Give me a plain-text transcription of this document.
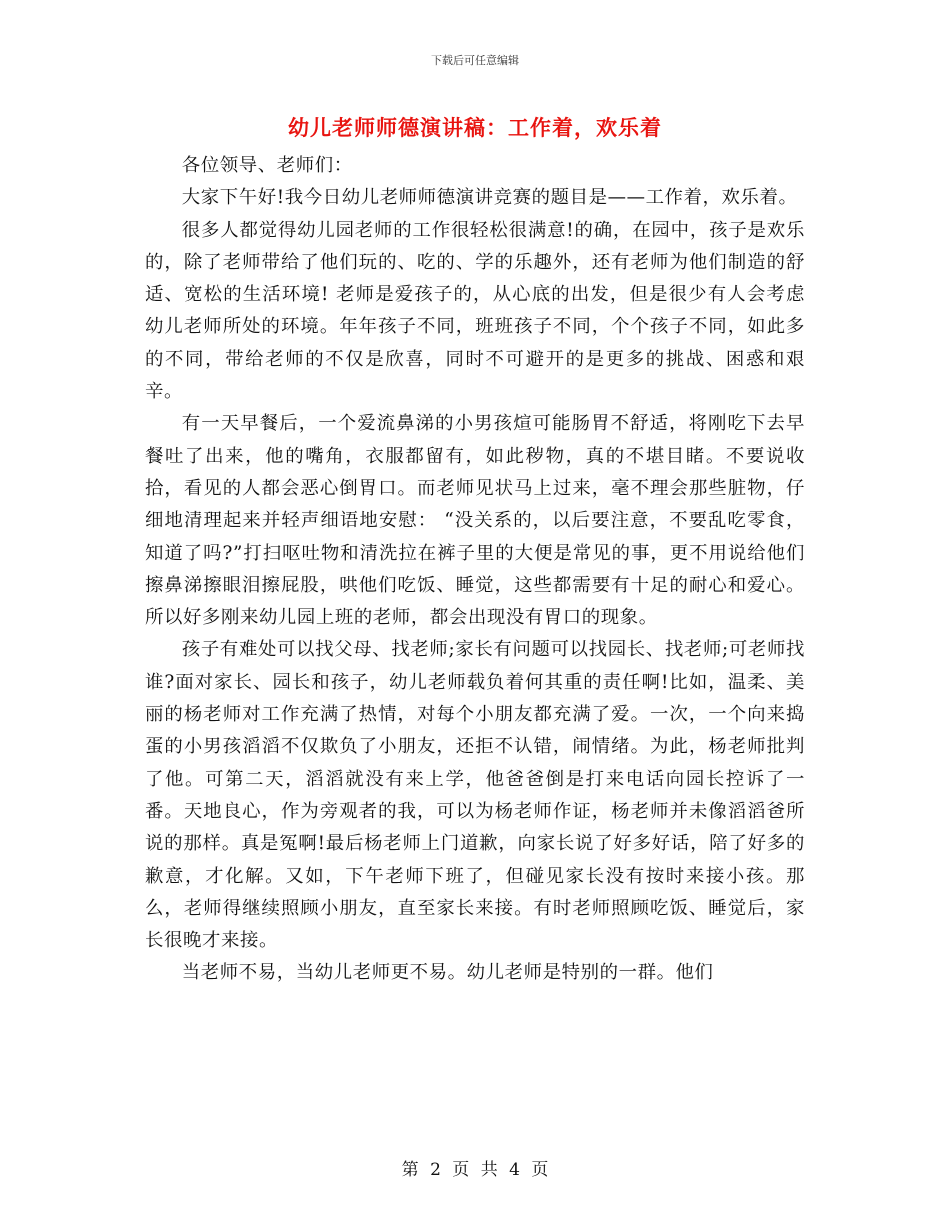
下载后可任意编辑
幼儿老师师德演讲稿：工作着，欢乐着

各位领导、老师们：

大家下午好!我今日幼儿老师师德演讲竞赛的题目是——工作着，欢乐着。

很多人都觉得幼儿园老师的工作很轻松很满意!的确，在园中，孩子是欢乐的，除了老师带给了他们玩的、吃的、学的乐趣外，还有老师为他们制造的舒适、宽松的生活环境! 老师是爱孩子的，从心底的出发，但是很少有人会考虑幼儿老师所处的环境。年年孩子不同，班班孩子不同，个个孩子不同，如此多的不同，带给老师的不仅是欣喜，同时不可避开的是更多的挑战、困惑和艰辛。

有一天早餐后，一个爱流鼻涕的小男孩煊可能肠胃不舒适，将刚吃下去早餐吐了出来，他的嘴角，衣服都留有，如此秽物，真的不堪目睹。不要说收拾，看见的人都会恶心倒胃口。而老师见状马上过来，毫不理会那些脏物，仔细地清理起来并轻声细语地安慰： “没关系的，以后要注意，不要乱吃零食，知道了吗?”打扫呕吐物和清洗拉在裤子里的大便是常见的事，更不用说给他们擦鼻涕擦眼泪擦屁股，哄他们吃饭、睡觉，这些都需要有十足的耐心和爱心。所以好多刚来幼儿园上班的老师，都会出现没有胃口的现象。

孩子有难处可以找父母、找老师;家长有问题可以找园长、找老师;可老师找谁?面对家长、园长和孩子，幼儿老师载负着何其重的责任啊!比如，温柔、美丽的杨老师对工作充满了热情，对每个小朋友都充满了爱。一次，一个向来捣蛋的小男孩滔滔不仅欺负了小朋友，还拒不认错，闹情绪。为此，杨老师批判了他。可第二天，滔滔就没有来上学，他爸爸倒是打来电话向园长控诉了一番。天地良心，作为旁观者的我，可以为杨老师作证，杨老师并未像滔滔爸所说的那样。真是冤啊!最后杨老师上门道歉，向家长说了好多好话，陪了好多的歉意，才化解。又如，下午老师下班了，但碰见家长没有按时来接小孩。那么，老师得继续照顾小朋友，直至家长来接。有时老师照顾吃饭、睡觉后，家长很晚才来接。

当老师不易，当幼儿老师更不易。幼儿老师是特别的一群。他们

第 2 页 共 4 页
